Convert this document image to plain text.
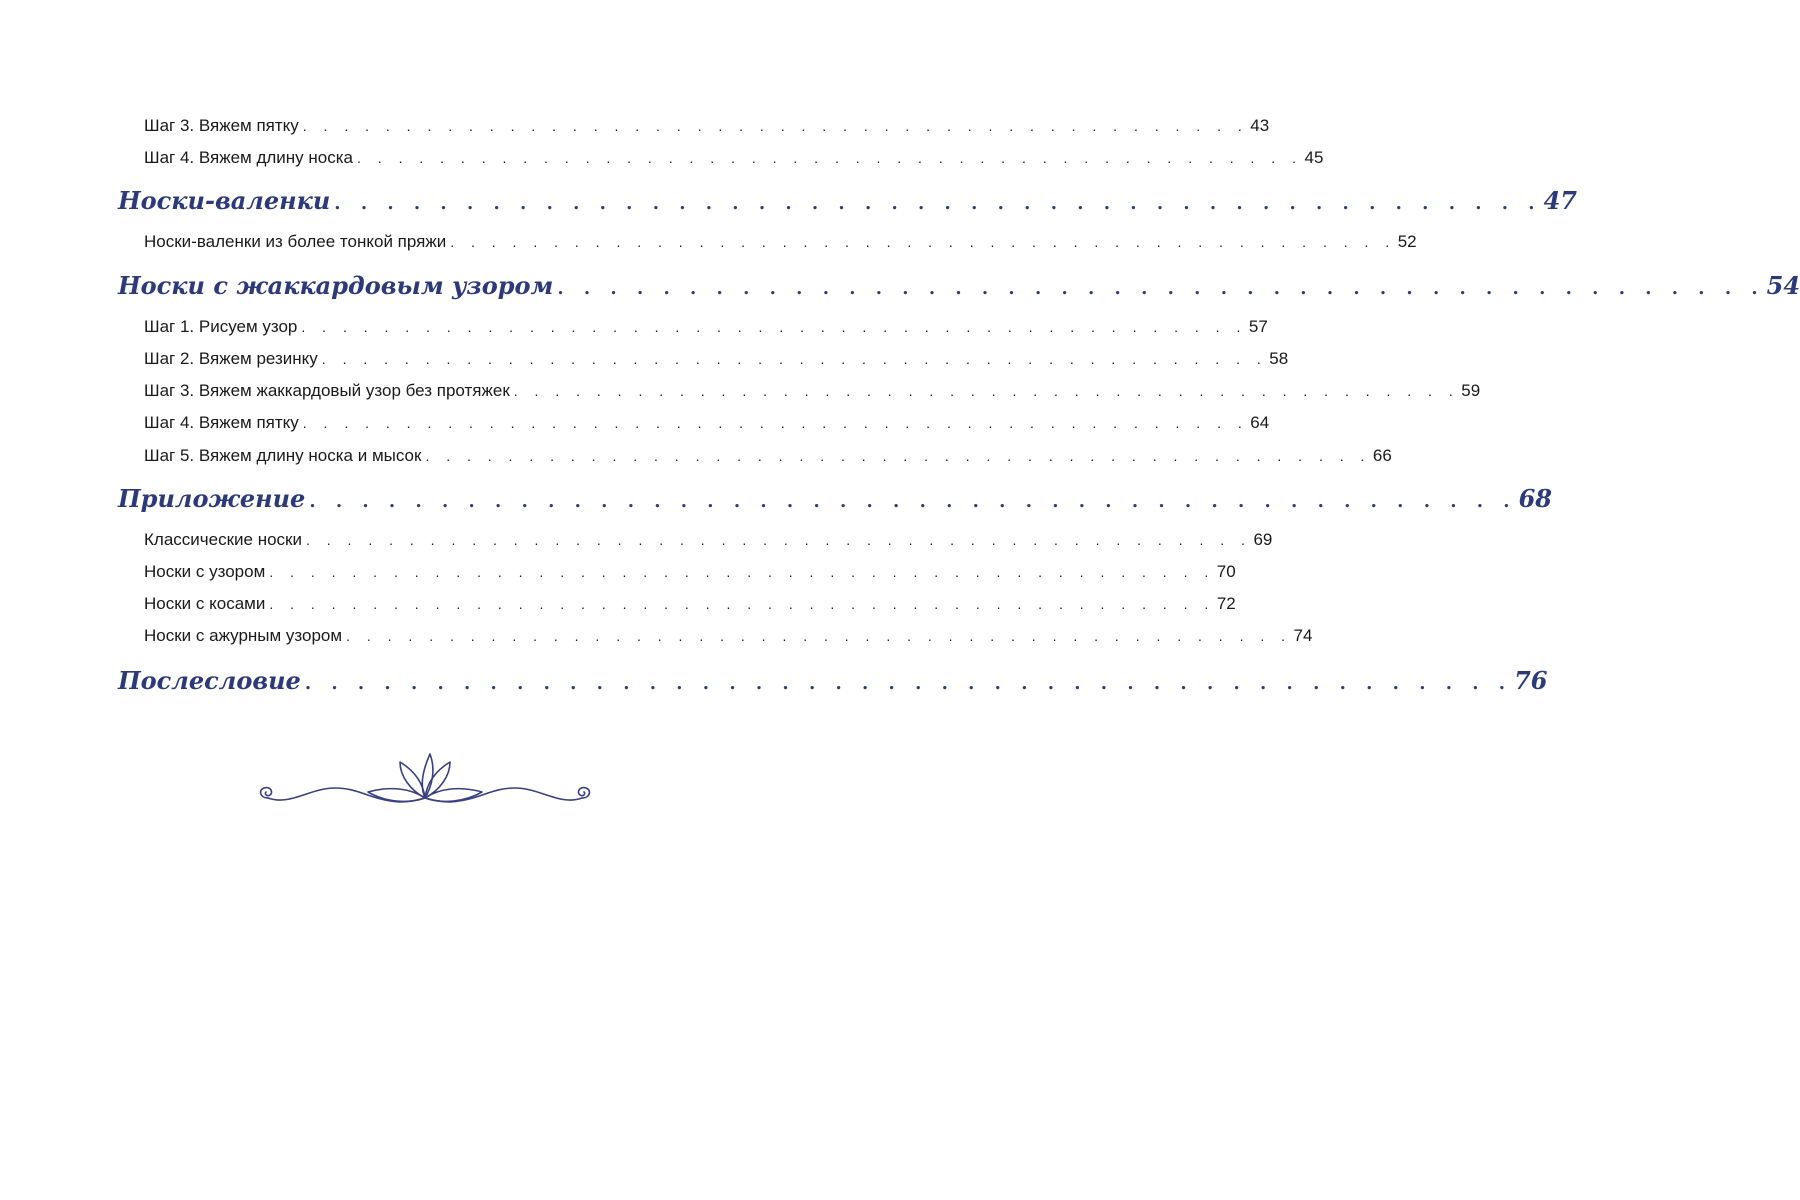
Шаг 3. Вяжем пятку . . . . . . . . . . . . . . . . . . . . . . . . . . . . . . . . . . . . . . . . . . . . . . 43
Шаг 4. Вяжем длину носка . . . . . . . . . . . . . . . . . . . . . . . . . . . . . . . . . . . . . . . . . . . . . . 45
Носки-валенки . . . . . . . . . . . . . . . . . . . . . . . . . . . . . . . . . . . . . . . . . . . . . . 47
Носки-валенки из более тонкой пряжи . . . . . . . . . . . . . . . . . . . . . . . . . . . . . . . . . . . . . . . . . . . . . . 52
Носки с жаккардовым узором . . . . . . . . . . . . . . . . . . . . . . . . . . . . . . . . . . . . . . . . . . . . . . 54
Шаг 1. Рисуем узор . . . . . . . . . . . . . . . . . . . . . . . . . . . . . . . . . . . . . . . . . . . . . . 57
Шаг 2. Вяжем резинку . . . . . . . . . . . . . . . . . . . . . . . . . . . . . . . . . . . . . . . . . . . . . . 58
Шаг 3. Вяжем жаккардовый узор без протяжек . . . . . . . . . . . . . . . . . . . . . . . . . . . . . . . . . . . . . . . . . . . . . . 59
Шаг 4. Вяжем пятку . . . . . . . . . . . . . . . . . . . . . . . . . . . . . . . . . . . . . . . . . . . . . . 64
Шаг 5. Вяжем длину носка и мысок . . . . . . . . . . . . . . . . . . . . . . . . . . . . . . . . . . . . . . . . . . . . . . 66
Приложение . . . . . . . . . . . . . . . . . . . . . . . . . . . . . . . . . . . . . . . . . . . . . . 68
Классические носки . . . . . . . . . . . . . . . . . . . . . . . . . . . . . . . . . . . . . . . . . . . . . . 69
Носки с узором . . . . . . . . . . . . . . . . . . . . . . . . . . . . . . . . . . . . . . . . . . . . . . 70
Носки с косами . . . . . . . . . . . . . . . . . . . . . . . . . . . . . . . . . . . . . . . . . . . . . . 72
Носки с ажурным узором . . . . . . . . . . . . . . . . . . . . . . . . . . . . . . . . . . . . . . . . . . . . . . 74
Послесловие . . . . . . . . . . . . . . . . . . . . . . . . . . . . . . . . . . . . . . . . . . . . . . 76
